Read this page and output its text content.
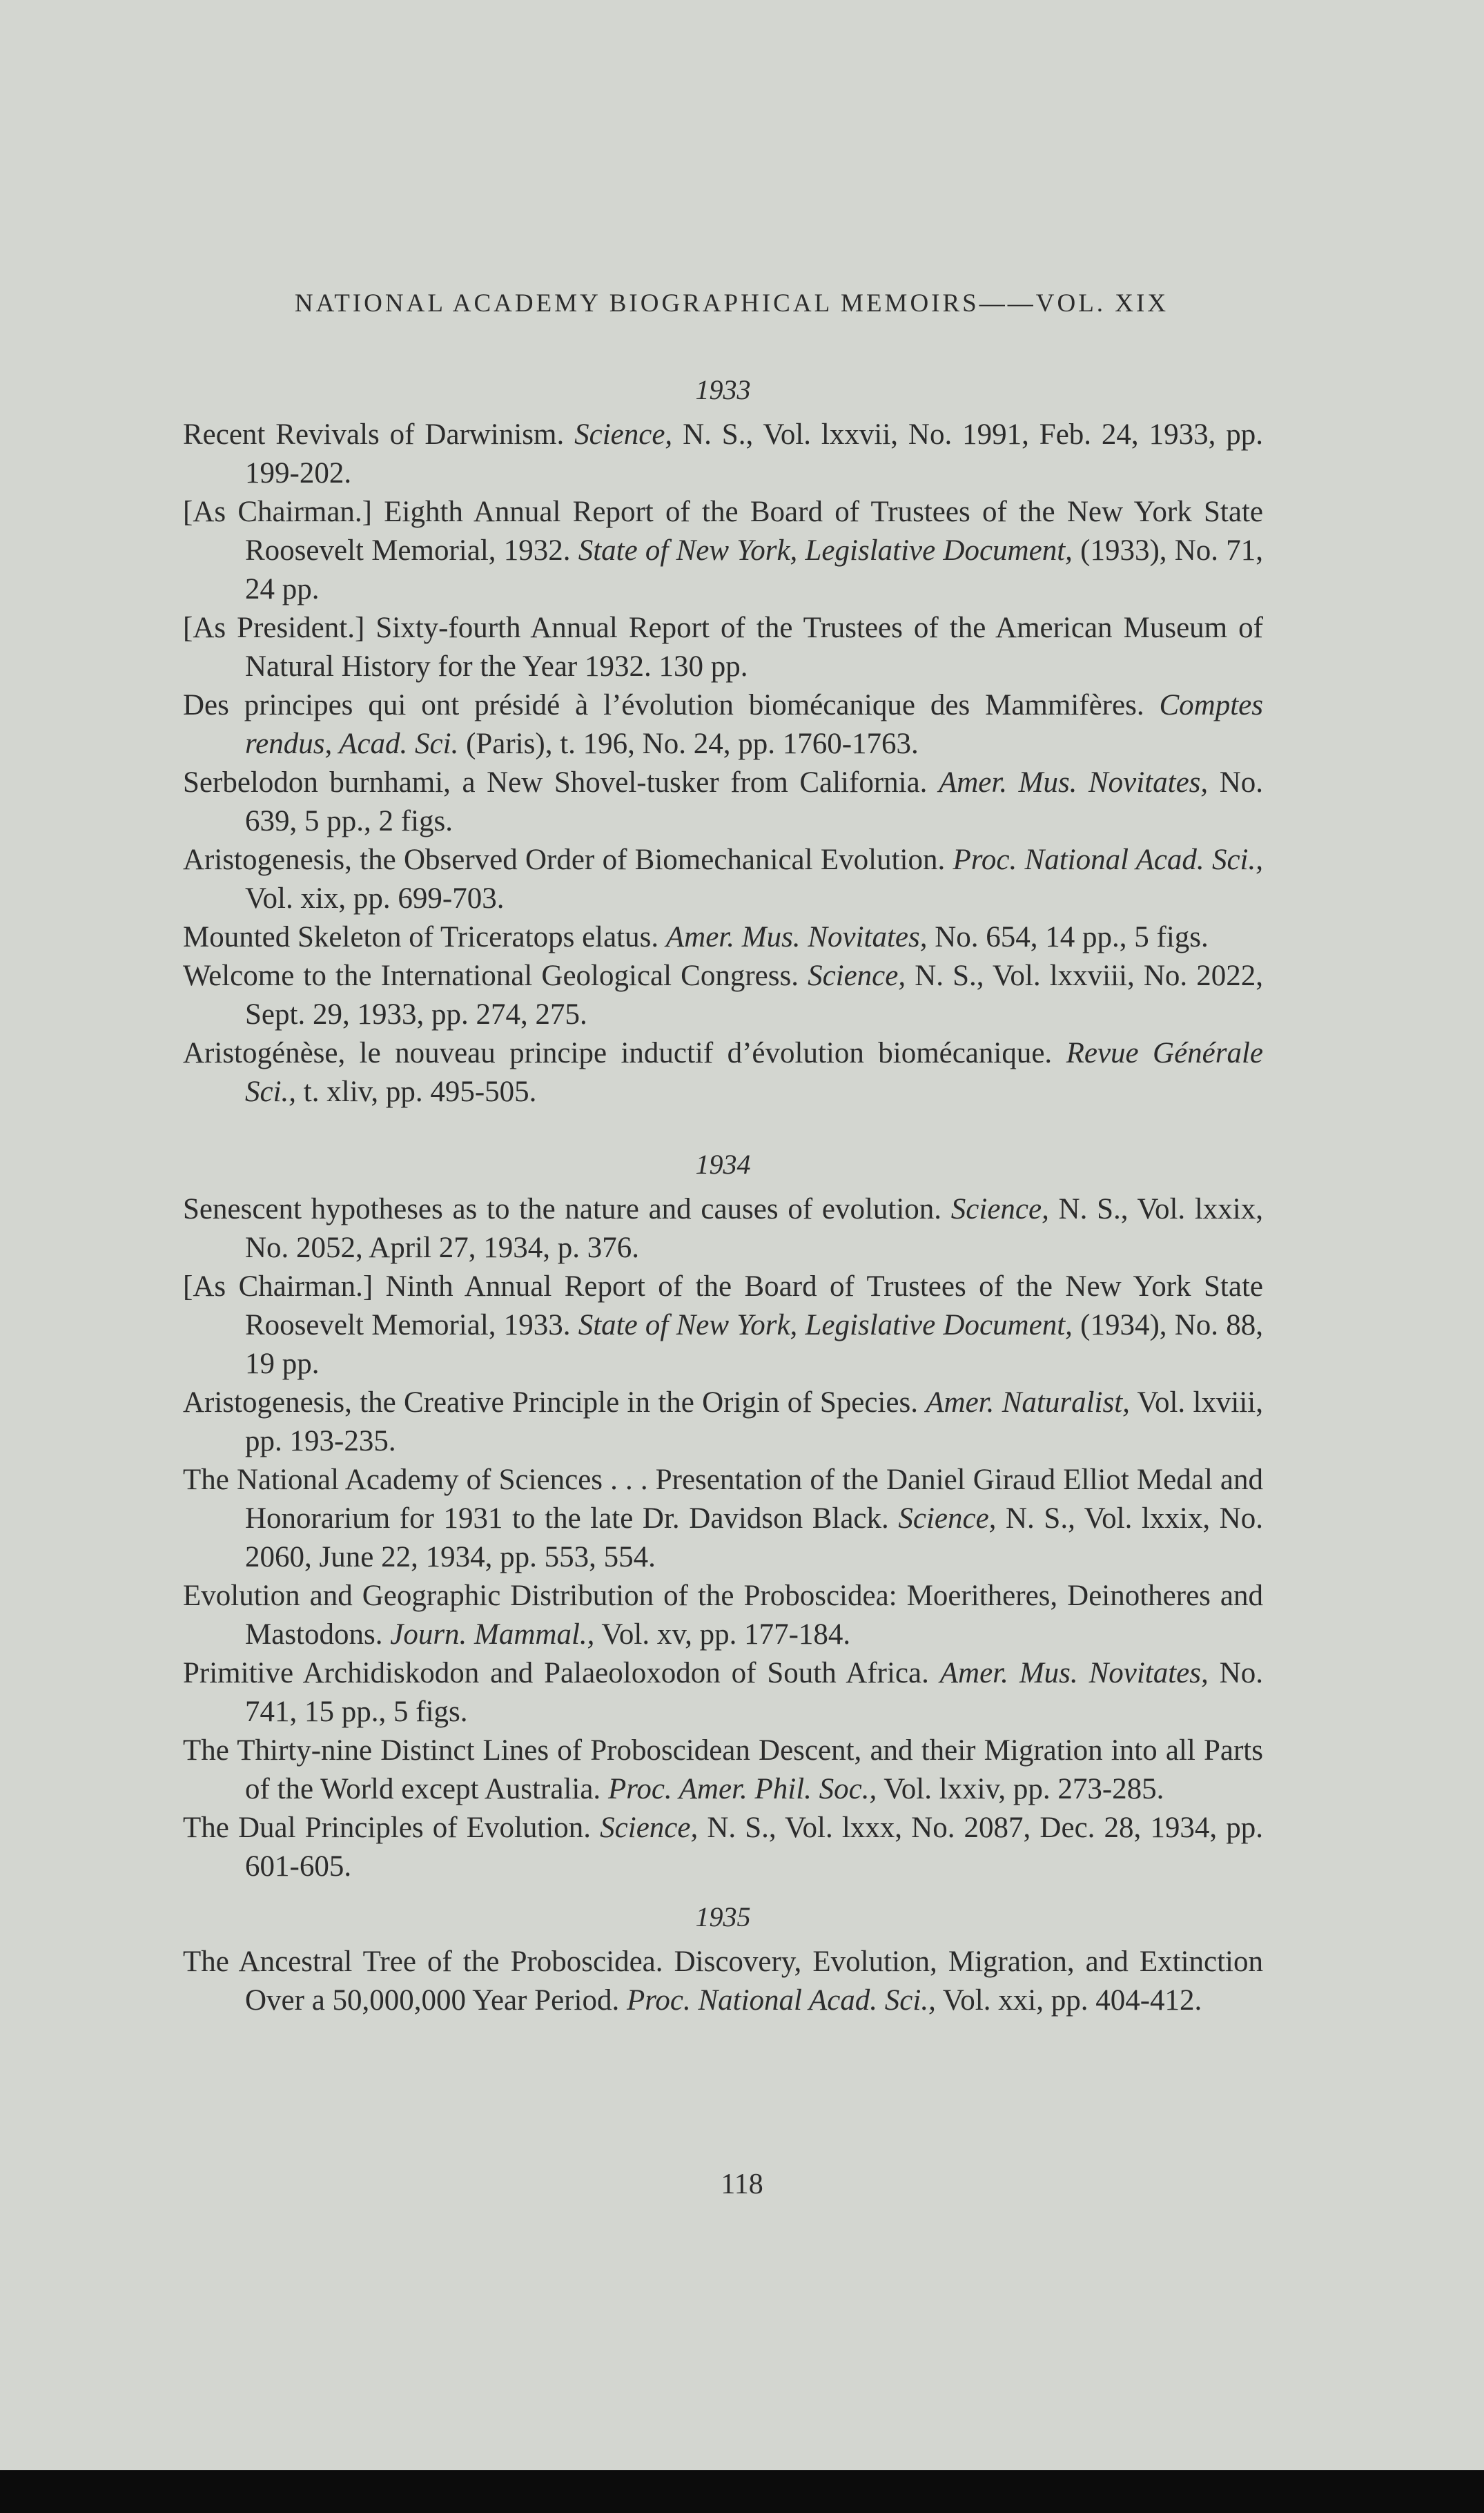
NATIONAL ACADEMY BIOGRAPHICAL MEMOIRS——VOL. XIX
1933

Recent Revivals of Darwinism. Science, N. S., Vol. lxxvii, No. 1991, Feb. 24, 1933, pp. 199-202.

[As Chairman.] Eighth Annual Report of the Board of Trustees of the New York State Roosevelt Memorial, 1932. State of New York, Legislative Document, (1933), No. 71, 24 pp.

[As President.] Sixty-fourth Annual Report of the Trustees of the American Museum of Natural History for the Year 1932. 130 pp.

Des principes qui ont présidé à l’évolution biomécanique des Mammifères. Comptes rendus, Acad. Sci. (Paris), t. 196, No. 24, pp. 1760-1763.

Serbelodon burnhami, a New Shovel-tusker from California. Amer. Mus. Novitates, No. 639, 5 pp., 2 figs.

Aristogenesis, the Observed Order of Biomechanical Evolution. Proc. National Acad. Sci., Vol. xix, pp. 699-703.

Mounted Skeleton of Triceratops elatus. Amer. Mus. Novitates, No. 654, 14 pp., 5 figs.

Welcome to the International Geological Congress. Science, N. S., Vol. lxxviii, No. 2022, Sept. 29, 1933, pp. 274, 275.

Aristogénèse, le nouveau principe inductif d’évolution biomécanique. Revue Générale Sci., t. xliv, pp. 495-505.

1934

Senescent hypotheses as to the nature and causes of evolution. Science, N. S., Vol. lxxix, No. 2052, April 27, 1934, p. 376.

[As Chairman.] Ninth Annual Report of the Board of Trustees of the New York State Roosevelt Memorial, 1933. State of New York, Legislative Document, (1934), No. 88, 19 pp.

Aristogenesis, the Creative Principle in the Origin of Species. Amer. Naturalist, Vol. lxviii, pp. 193-235.

The National Academy of Sciences . . . Presentation of the Daniel Giraud Elliot Medal and Honorarium for 1931 to the late Dr. Davidson Black. Science, N. S., Vol. lxxix, No. 2060, June 22, 1934, pp. 553, 554.

Evolution and Geographic Distribution of the Proboscidea: Moeritheres, Deinotheres and Mastodons. Journ. Mammal., Vol. xv, pp. 177-184.

Primitive Archidiskodon and Palaeoloxodon of South Africa. Amer. Mus. Novitates, No. 741, 15 pp., 5 figs.

The Thirty-nine Distinct Lines of Proboscidean Descent, and their Migration into all Parts of the World except Australia. Proc. Amer. Phil. Soc., Vol. lxxiv, pp. 273-285.

The Dual Principles of Evolution. Science, N. S., Vol. lxxx, No. 2087, Dec. 28, 1934, pp. 601-605.

1935

The Ancestral Tree of the Proboscidea. Discovery, Evolution, Migration, and Extinction Over a 50,000,000 Year Period. Proc. National Acad. Sci., Vol. xxi, pp. 404-412.

118
